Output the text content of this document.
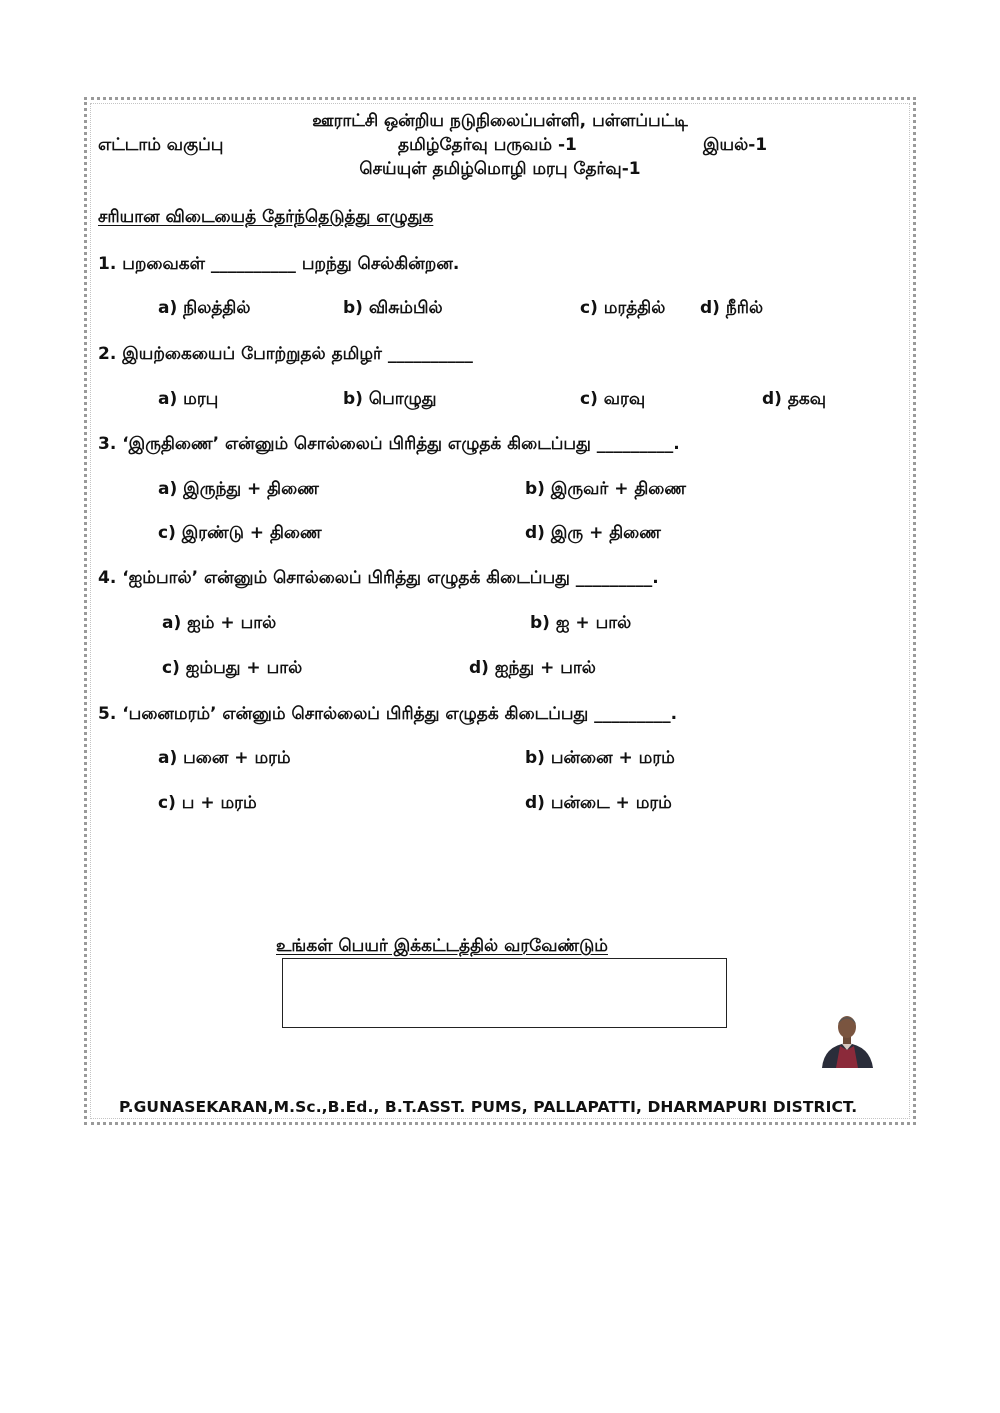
ஊராட்சி ஒன்றிய நடுநிலைப்பள்ளி, பள்ளப்பட்டி
எட்டாம் வகுப்பு	தமிழ்தேர்வு பருவம் -1	இயல்-1
செய்யுள் தமிழ்மொழி மரபு தேர்வு-1
சரியான விடையைத் தேர்ந்தெடுத்து எழுதுக
1. பறவைகள் __________ பறந்து செல்கின்றன.
a) நிலத்தில்	b) விசும்பில்	c) மரத்தில் d) நீரில்
2. இயற்கையைப் போற்றுதல் தமிழர் __________
a) மரபு	b) பொழுது	c) வரவு	d) தகவு
3. ‘இருதிணை’ என்னும் சொல்லைப் பிரித்து எழுதக் கிடைப்பது _________.
a) இருந்து + திணை	b) இருவர் + திணை
c) இரண்டு + திணை	d) இரு + திணை
4. ‘ஐம்பால்’ என்னும் சொல்லைப் பிரித்து எழுதக் கிடைப்பது _________.
a) ஐம் + பால்	b) ஐ + பால்
c) ஐம்பது + பால்	d) ஐந்து + பால்
5. ‘பனைமரம்’ என்னும் சொல்லைப் பிரித்து எழுதக் கிடைப்பது _________.
a) பனை + மரம்	b) பன்னை + மரம்
c) ப + மரம்	d) பன்டை + மரம்
உங்கள் பெயர் இக்கட்டத்தில் வரவேண்டும்
P.GUNASEKARAN,M.Sc.,B.Ed., B.T.ASST. PUMS, PALLAPATTI, DHARMAPURI DISTRICT.
